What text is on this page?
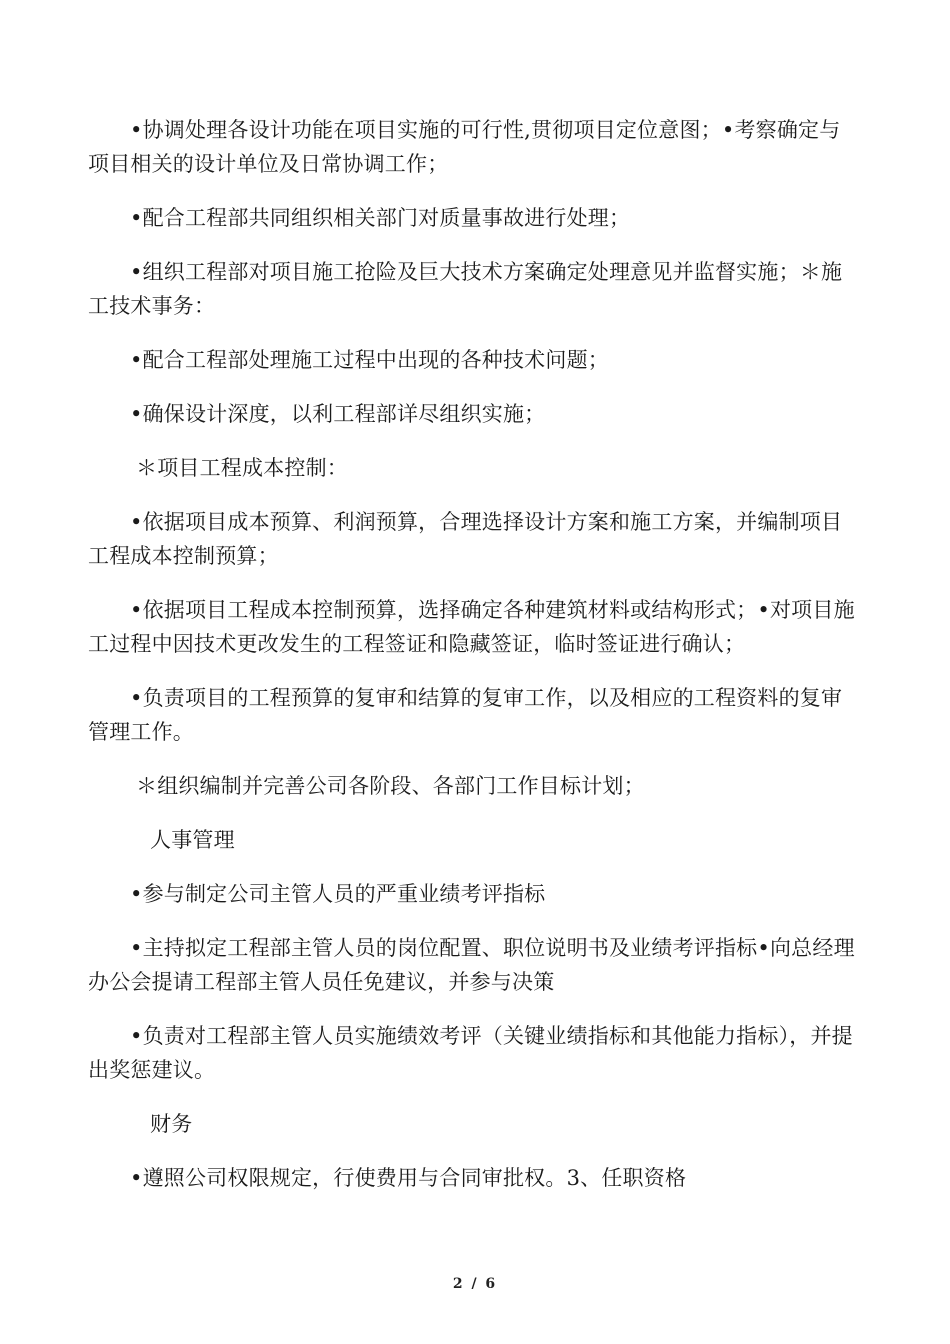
•协调处理各设计功能在项目实施的可行性,贯彻项目定位意图；•考察确定与项目相关的设计单位及日常协调工作；

•配合工程部共同组织相关部门对质量事故进行处理；

•组织工程部对项目施工抢险及巨大技术方案确定处理意见并监督实施；＊施工技术事务：

•配合工程部处理施工过程中出现的各种技术问题；

•确保设计深度，以利工程部详尽组织实施；

＊项目工程成本控制：

•依据项目成本预算、利润预算，合理选择设计方案和施工方案，并编制项目工程成本控制预算；

•依据项目工程成本控制预算，选择确定各种建筑材料或结构形式；•对项目施工过程中因技术更改发生的工程签证和隐藏签证，临时签证进行确认；

•负责项目的工程预算的复审和结算的复审工作，以及相应的工程资料的复审管理工作。

＊组织编制并完善公司各阶段、各部门工作目标计划；

人事管理

•参与制定公司主管人员的严重业绩考评指标

•主持拟定工程部主管人员的岗位配置、职位说明书及业绩考评指标•向总经理办公会提请工程部主管人员任免建议，并参与决策

•负责对工程部主管人员实施绩效考评（关键业绩指标和其他能力指标），并提出奖惩建议。

财务

•遵照公司权限规定，行使费用与合同审批权。3、任职资格

2 / 6
